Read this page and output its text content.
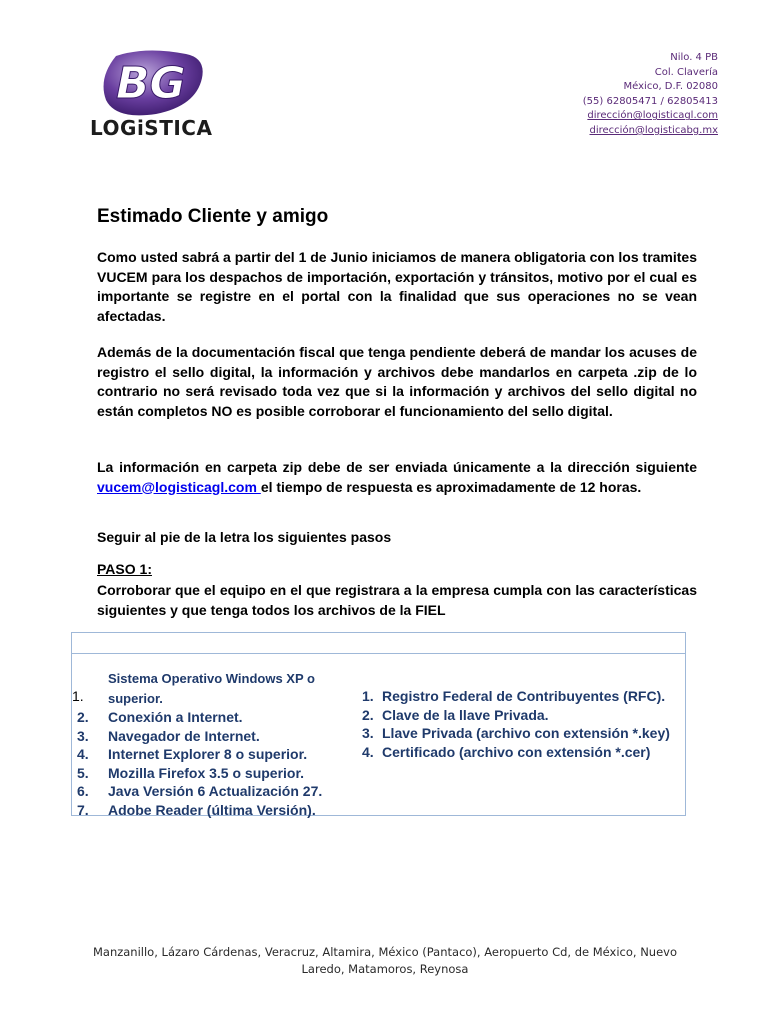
BG
LOGiSTICA
Nilo. 4 PB
Col. Clavería
México, D.F. 02080
(55) 62805471 / 62805413
dirección@logisticagl.com
dirección@logisticabg.mx
Estimado Cliente y amigo
Como usted sabrá a partir del 1 de Junio iniciamos de manera obligatoria con los tramites VUCEM para los despachos de importación, exportación y tránsitos, motivo por el cual es importante se registre en el portal con la finalidad que sus operaciones no se vean afectadas.
Además de la documentación fiscal que tenga pendiente deberá de mandar los acuses de registro el sello digital, la información y archivos debe mandarlos en carpeta .zip de lo contrario no será revisado toda vez que si la información y archivos del sello digital no están completos NO es posible corroborar el funcionamiento del sello digital.
La información en carpeta zip debe de ser enviada únicamente a la dirección siguiente vucem@logisticagl.com el tiempo de respuesta es aproximadamente de 12 horas.
Seguir al pie de la letra los siguientes pasos
PASO 1:
Corroborar que el equipo en el que registrara a la empresa cumpla con las características siguientes y que tenga todos los archivos de la FIEL
1.
Sistema Operativo Windows XP o superior.
2. Conexión a Internet.
3. Navegador de Internet.
4. Internet Explorer 8 o superior.
5. Mozilla Firefox 3.5 o superior.
6. Java Versión 6 Actualización 27.
7. Adobe Reader (última Versión).
1. Registro Federal de Contribuyentes (RFC).
2. Clave de la llave Privada.
3. Llave Privada (archivo con extensión *.key)
4. Certificado (archivo con extensión *.cer)
Manzanillo, Lázaro Cárdenas, Veracruz, Altamira, México (Pantaco), Aeropuerto Cd, de México, Nuevo
Laredo, Matamoros, Reynosa
